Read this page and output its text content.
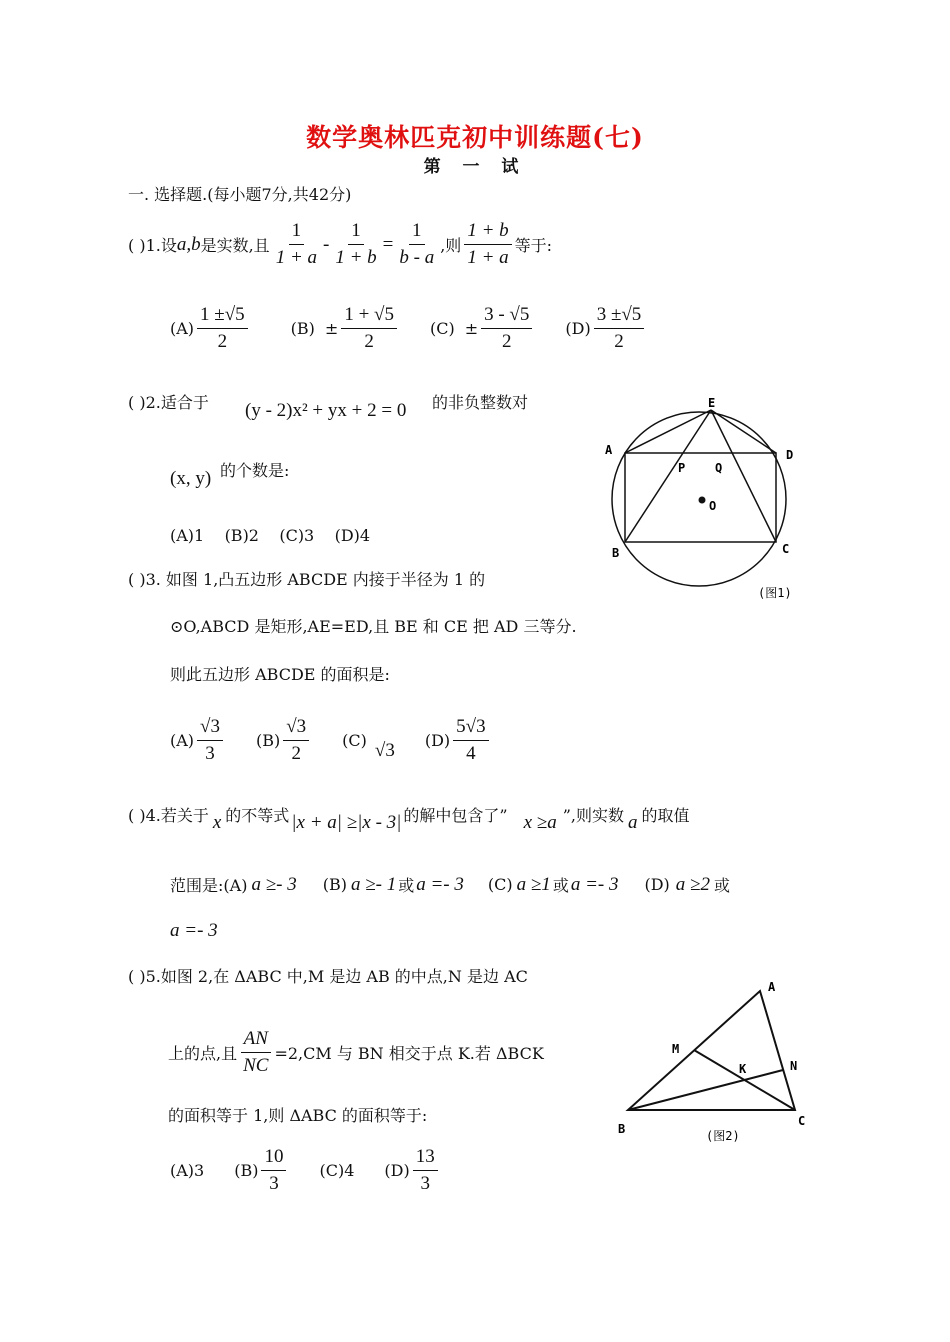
数学奥林匹克初中训练题(七)
第 一 试
一. 选择题.(每小题7分,共42分)
( )1.设 a,b 是实数,且 $\frac{1}{1 + a} - \frac{1}{1 + b} = \frac{1}{b - a}$ ,则 $\frac{1 + b}{1 + a}$ 等于:
$(A) \frac{1 \pm√5}{2}$	$(B) \pm \frac{1 + √5}{2} (C) \pm \frac{3 - √5}{2} (D) \frac{3 \pm√5}{2}$
( )2.适合于 (y - 2)x² + yx + 2 = 0 的非负整数对
(x, y) 的个数是:
(A)1    (B)2    (C)3    (D)4
( )3. 如图 1,凸五边形 ABCDE 内接于半径为 1 的
⊙O,ABCD 是矩形,AE=ED,且 BE 和 CE 把 AD 三等分.
则此五边形 ABCDE 的面积是:
$(A) \frac{√3}{3} (B) \frac{√3}{2} (C)$ √3 $(D) \frac{5√3}{4}$
( )4.若关于 x 的不等式 |x + a| ≥|x - 3| 的解中包含了” x ≥a ”,则实数 a 的取值
范围是:(A) a ≥- 3 (B) a ≥- 1 或 a =- 3 (C) a ≥1 或 a =- 3 (D) a ≥2 或
a =- 3
( )5.如图 2,在 ΔABC 中,M 是边 AB 的中点,N 是边 AC
上的点,且 $\frac{AN}{NC} =2,CM$ 与 BN 相交于点 K.若 ΔBCK
的面积等于 1,则 ΔABC 的面积等于:
(A)3 $(B) \frac{10}{3} (C)4$ $(D) \frac{13}{3}$
E
A	D
P Q
O
B	C
(图1)
A
M
N
K
B
C
(图2)
